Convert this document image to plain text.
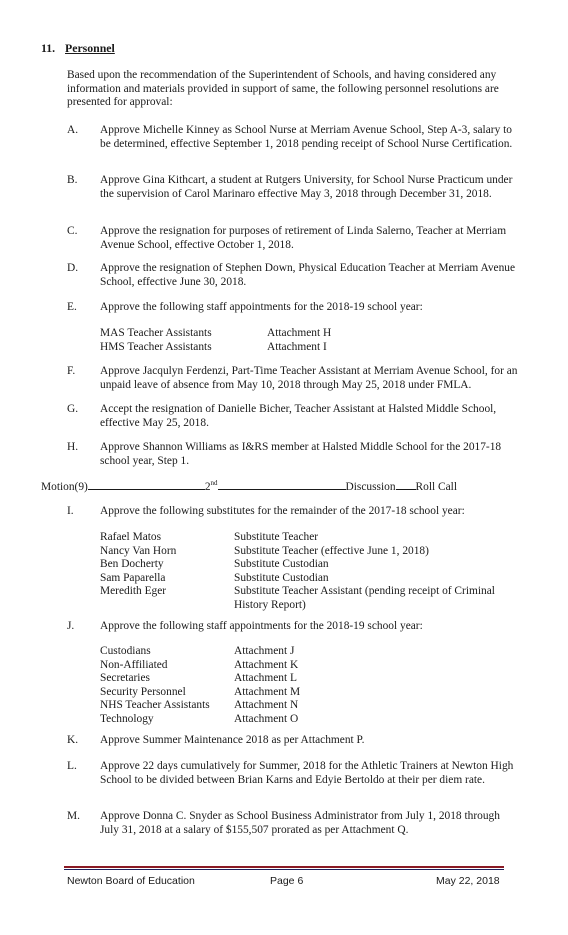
11. Personnel
Based upon the recommendation of the Superintendent of Schools, and having considered any information and materials provided in support of same, the following personnel resolutions are presented for approval:
A.	Approve Michelle Kinney as School Nurse at Merriam Avenue School, Step A-3, salary to be determined, effective September 1, 2018 pending receipt of School Nurse Certification.
B.	Approve Gina Kithcart, a student at Rutgers University, for School Nurse Practicum under the supervision of Carol Marinaro effective May 3, 2018 through December 31, 2018.
C.	Approve the resignation for purposes of retirement of Linda Salerno, Teacher at Merriam Avenue School, effective October 1, 2018.
D.	Approve the resignation of Stephen Down, Physical Education Teacher at Merriam Avenue School, effective June 30, 2018.
E.	Approve the following staff appointments for the 2018-19 school year:
MAS Teacher Assistants	Attachment H
HMS Teacher Assistants	Attachment I
F.	Approve Jacqulyn Ferdenzi, Part-Time Teacher Assistant at Merriam Avenue School, for an unpaid leave of absence from May 10, 2018 through May 25, 2018 under FMLA.
G.	Accept the resignation of Danielle Bicher, Teacher Assistant at Halsted Middle School, effective May 25, 2018.
H.	Approve Shannon Williams as I&RS member at Halsted Middle School for the 2017-18 school year, Step 1.
Motion(9)	2nd	Discussion Roll Call
I.	Approve the following substitutes for the remainder of the 2017-18 school year:
Rafael Matos	Substitute Teacher
Nancy Van Horn	Substitute Teacher (effective June 1, 2018)
Ben Docherty	Substitute Custodian
Sam Paparella	Substitute Custodian
Meredith Eger	Substitute Teacher Assistant (pending receipt of Criminal History Report)
J.	Approve the following staff appointments for the 2018-19 school year:
Custodians	Attachment J
Non-Affiliated	Attachment K
Secretaries	Attachment L
Security Personnel	Attachment M
NHS Teacher Assistants	Attachment N
Technology	Attachment O
K.	Approve Summer Maintenance 2018 as per Attachment P.
L.	Approve 22 days cumulatively for Summer, 2018 for the Athletic Trainers at Newton High School to be divided between Brian Karns and Edyie Bertoldo at their per diem rate.
M.	Approve Donna C. Snyder as School Business Administrator from July 1, 2018 through July 31, 2018 at a salary of $155,507 prorated as per Attachment Q.
Newton Board of Education	Page 6	May 22, 2018
